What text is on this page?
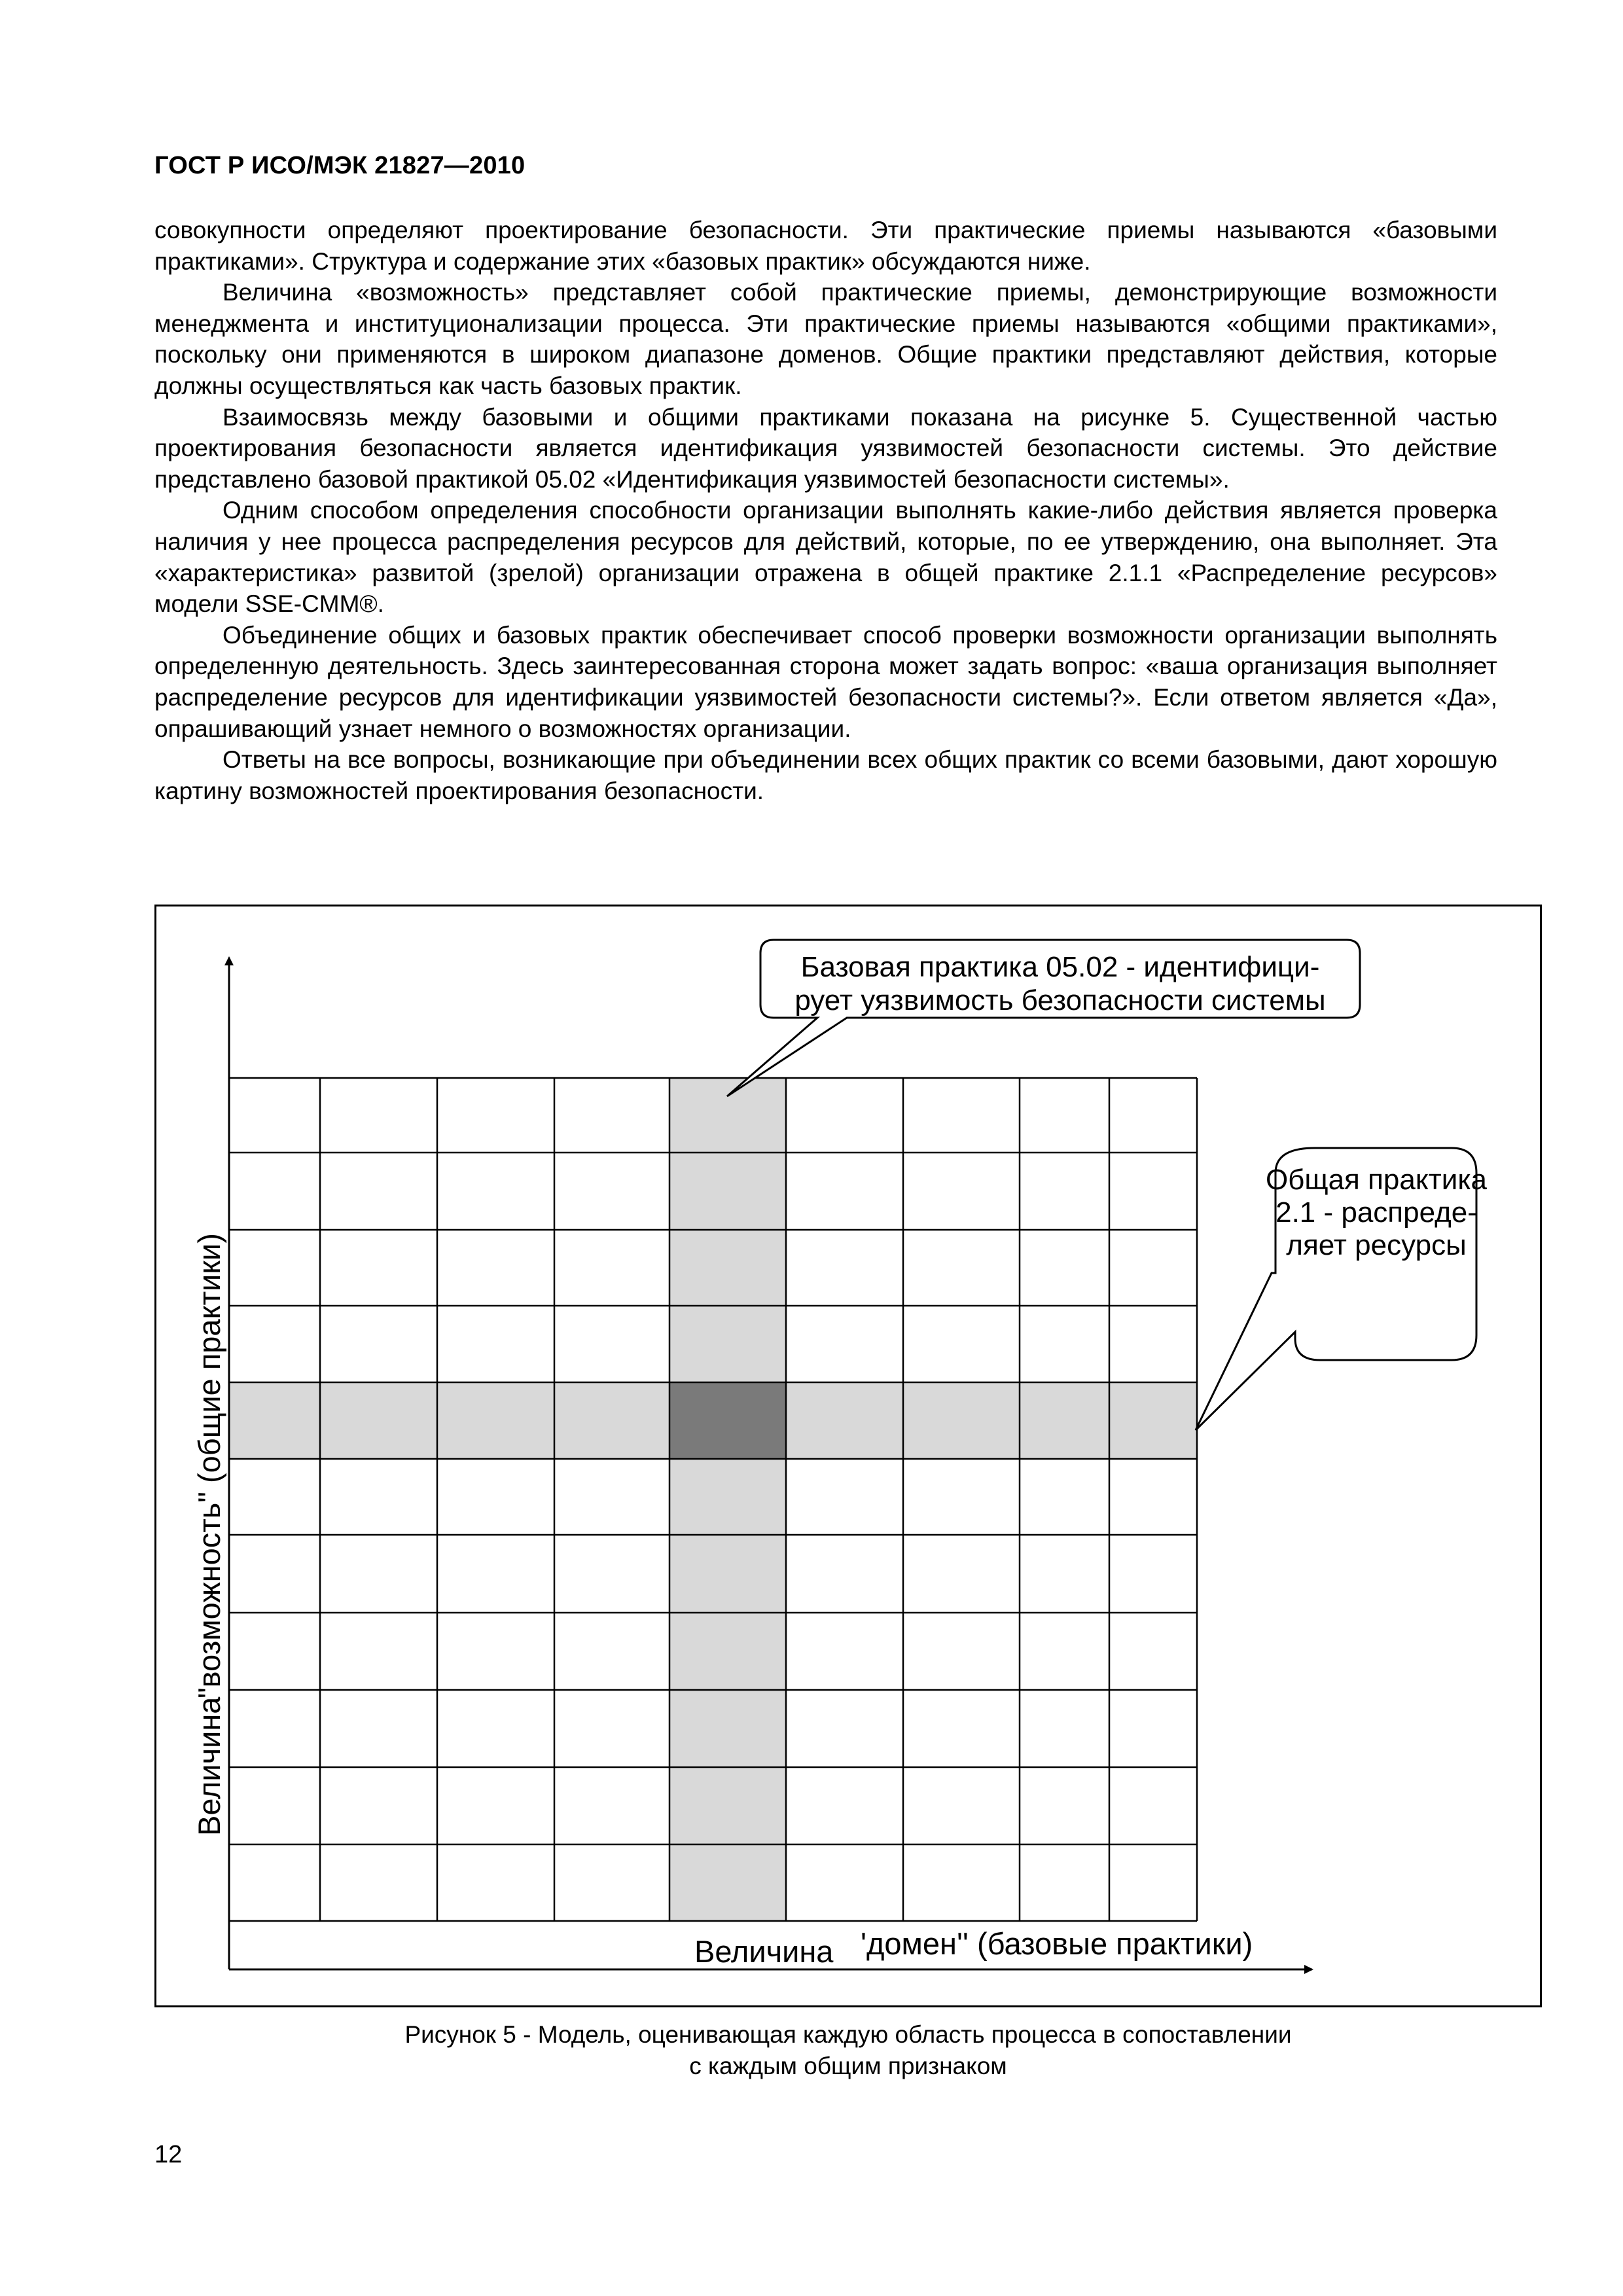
ГОСТ Р ИСО/МЭК 21827—2010

совокупности определяют проектирование безопасности. Эти практические приемы называются «базовыми практиками». Структура и содержание этих «базовых практик» обсуждаются ниже.

Величина «возможность» представляет собой практические приемы, демонстрирующие возможности менеджмента и институционализации процесса. Эти практические приемы называются «общими практиками», поскольку они применяются в широком диапазоне доменов. Общие практики представляют действия, которые должны осуществляться как часть базовых практик.

Взаимосвязь между базовыми и общими практиками показана на рисунке 5. Существенной частью проектирования безопасности является идентификация уязвимостей безопасности системы. Это действие представлено базовой практикой 05.02 «Идентификация уязвимостей безопасности системы».

Одним способом определения способности организации выполнять какие-либо действия является проверка наличия у нее процесса распределения ресурсов для действий, которые, по ее утверждению, она выполняет. Эта «характеристика» развитой (зрелой) организации отражена в общей практике 2.1.1 «Распределение ресурсов» модели SSE-CMM®.

Объединение общих и базовых практик обеспечивает способ проверки возможности организации выполнять определенную деятельность. Здесь заинтересованная сторона может задать вопрос: «ваша организация выполняет распределение ресурсов для идентификации уязвимостей безопасности системы?». Если ответом является «Да», опрашивающий узнает немного о возможностях организации.

Ответы на все вопросы, возникающие при объединении всех общих практик со всеми базовыми, дают хорошую картину возможностей проектирования безопасности.

Базовая практика 05.02 - идентифици-
рует уязвимость безопасности системы
Общая практика
2.1 - распреде-
ляет ресурсы
Величина
"возможность" (общие практики)
Величина 'домен'' (базовые практики)
Рисунок 5 - Модель, оценивающая каждую область процесса в сопоставлении
с каждым общим признаком
12
